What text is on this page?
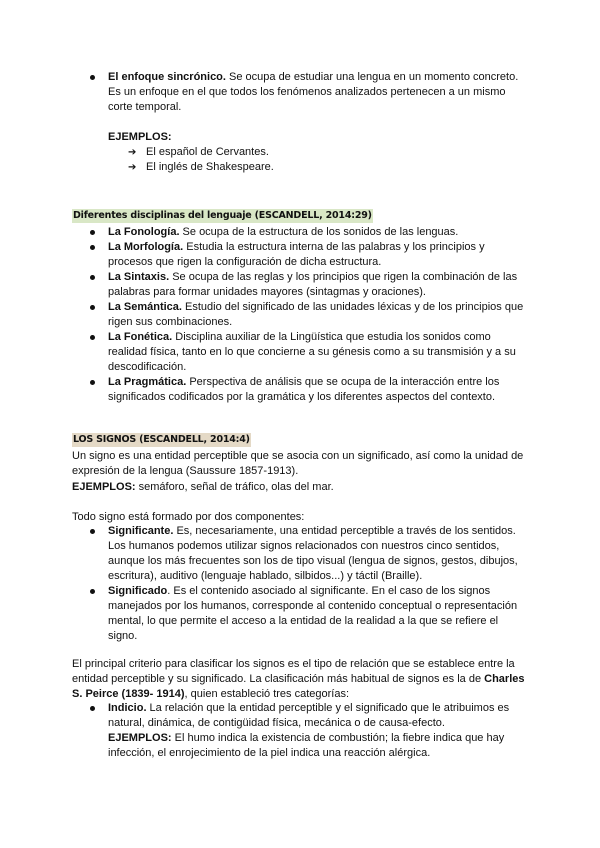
El enfoque sincrónico. Se ocupa de estudiar una lengua en un momento concreto. Es un enfoque en el que todos los fenómenos analizados pertenecen a un mismo corte temporal.
EJEMPLOS:
➔ El español de Cervantes.
➔ El inglés de Shakespeare.
Diferentes disciplinas del lenguaje (ESCANDELL, 2014:29)
La Fonología. Se ocupa de la estructura de los sonidos de las lenguas.
La Morfología. Estudia la estructura interna de las palabras y los principios y procesos que rigen la configuración de dicha estructura.
La Sintaxis. Se ocupa de las reglas y los principios que rigen la combinación de las palabras para formar unidades mayores (sintagmas y oraciones).
La Semántica. Estudio del significado de las unidades léxicas y de los principios que rigen sus combinaciones.
La Fonética. Disciplina auxiliar de la Lingüística que estudia los sonidos como realidad física, tanto en lo que concierne a su génesis como a su transmisión y a su descodificación.
La Pragmática. Perspectiva de análisis que se ocupa de la interacción entre los significados codificados por la gramática y los diferentes aspectos del contexto.
LOS SIGNOS (ESCANDELL, 2014:4)

Un signo es una entidad perceptible que se asocia con un significado, así como la unidad de expresión de la lengua (Saussure 1857-1913).

EJEMPLOS: semáforo, señal de tráfico, olas del mar.

Todo signo está formado por dos componentes:

Significante. Es, necesariamente, una entidad perceptible a través de los sentidos. Los humanos podemos utilizar signos relacionados con nuestros cinco sentidos, aunque los más frecuentes son los de tipo visual (lengua de signos, gestos, dibujos, escritura), auditivo (lenguaje hablado, silbidos...) y táctil (Braille).
Significado. Es el contenido asociado al significante. En el caso de los signos manejados por los humanos, corresponde al contenido conceptual o representación mental, lo que permite el acceso a la entidad de la realidad a la que se refiere el signo.

El principal criterio para clasificar los signos es el tipo de relación que se establece entre la entidad perceptible y su significado. La clasificación más habitual de signos es la de Charles S. Peirce (1839- 1914), quien estableció tres categorías:

Indicio. La relación que la entidad perceptible y el significado que le atribuimos es natural, dinámica, de contigüidad física, mecánica o de causa-efecto.
EJEMPLOS: El humo indica la existencia de combustión; la fiebre indica que hay infección, el enrojecimiento de la piel indica una reacción alérgica.
